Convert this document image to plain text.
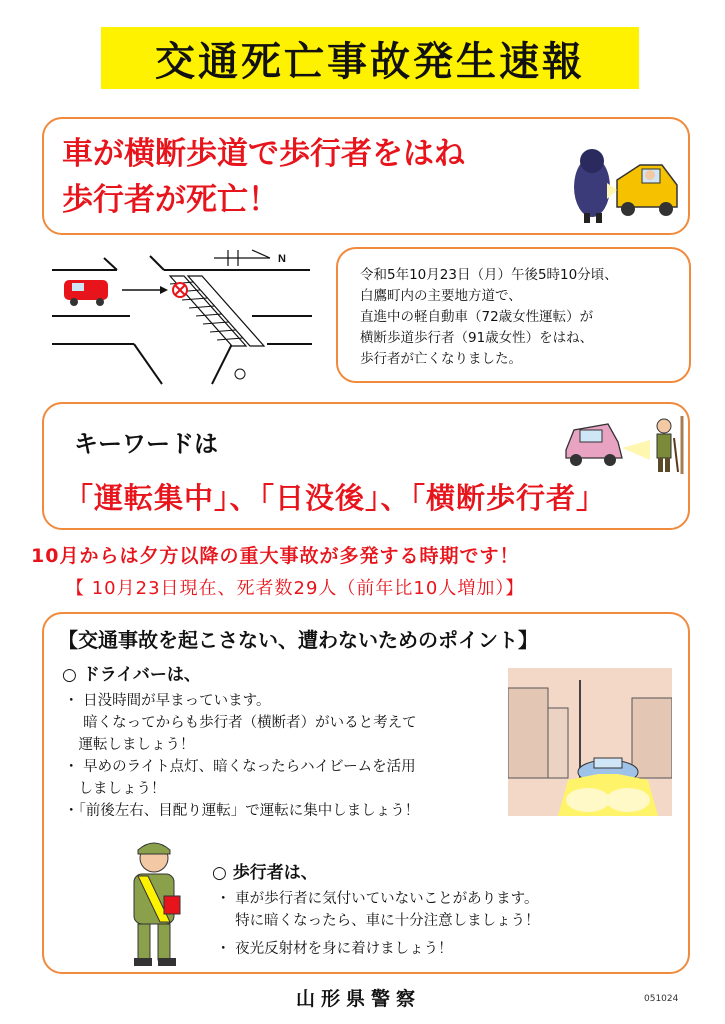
交通死亡事故発生速報
車が横断歩道で歩行者をはね
歩行者が死亡！
N
令和5年10月23日（月）午後5時10分頃、
白鷹町内の主要地方道で、
直進中の軽自動車（72歳女性運転）が
横断歩道歩行者（91歳女性）をはね、
歩行者が亡くなりました。
キーワードは
「運転集中」、「日没後」、「横断歩行者」
10月からは夕方以降の重大事故が多発する時期です！
【 10月23日現在、死者数29人（前年比10人増加）】
【交通事故を起こさない、遭わないためのポイント】
○ ドライバーは、
・ 日没時間が早まっています。
　 暗くなってからも歩行者（横断者）がいると考えて
　運転しましょう！
・ 早めのライト点灯、暗くなったらハイビームを活用
　しましょう！
・「前後左右、目配り運転」で運転に集中しましょう！
○ 歩行者は、
・ 車が歩行者に気付いていないことがあります。
　 特に暗くなったら、車に十分注意しましょう！
・ 夜光反射材を身に着けましょう！
山形県警察	051024
